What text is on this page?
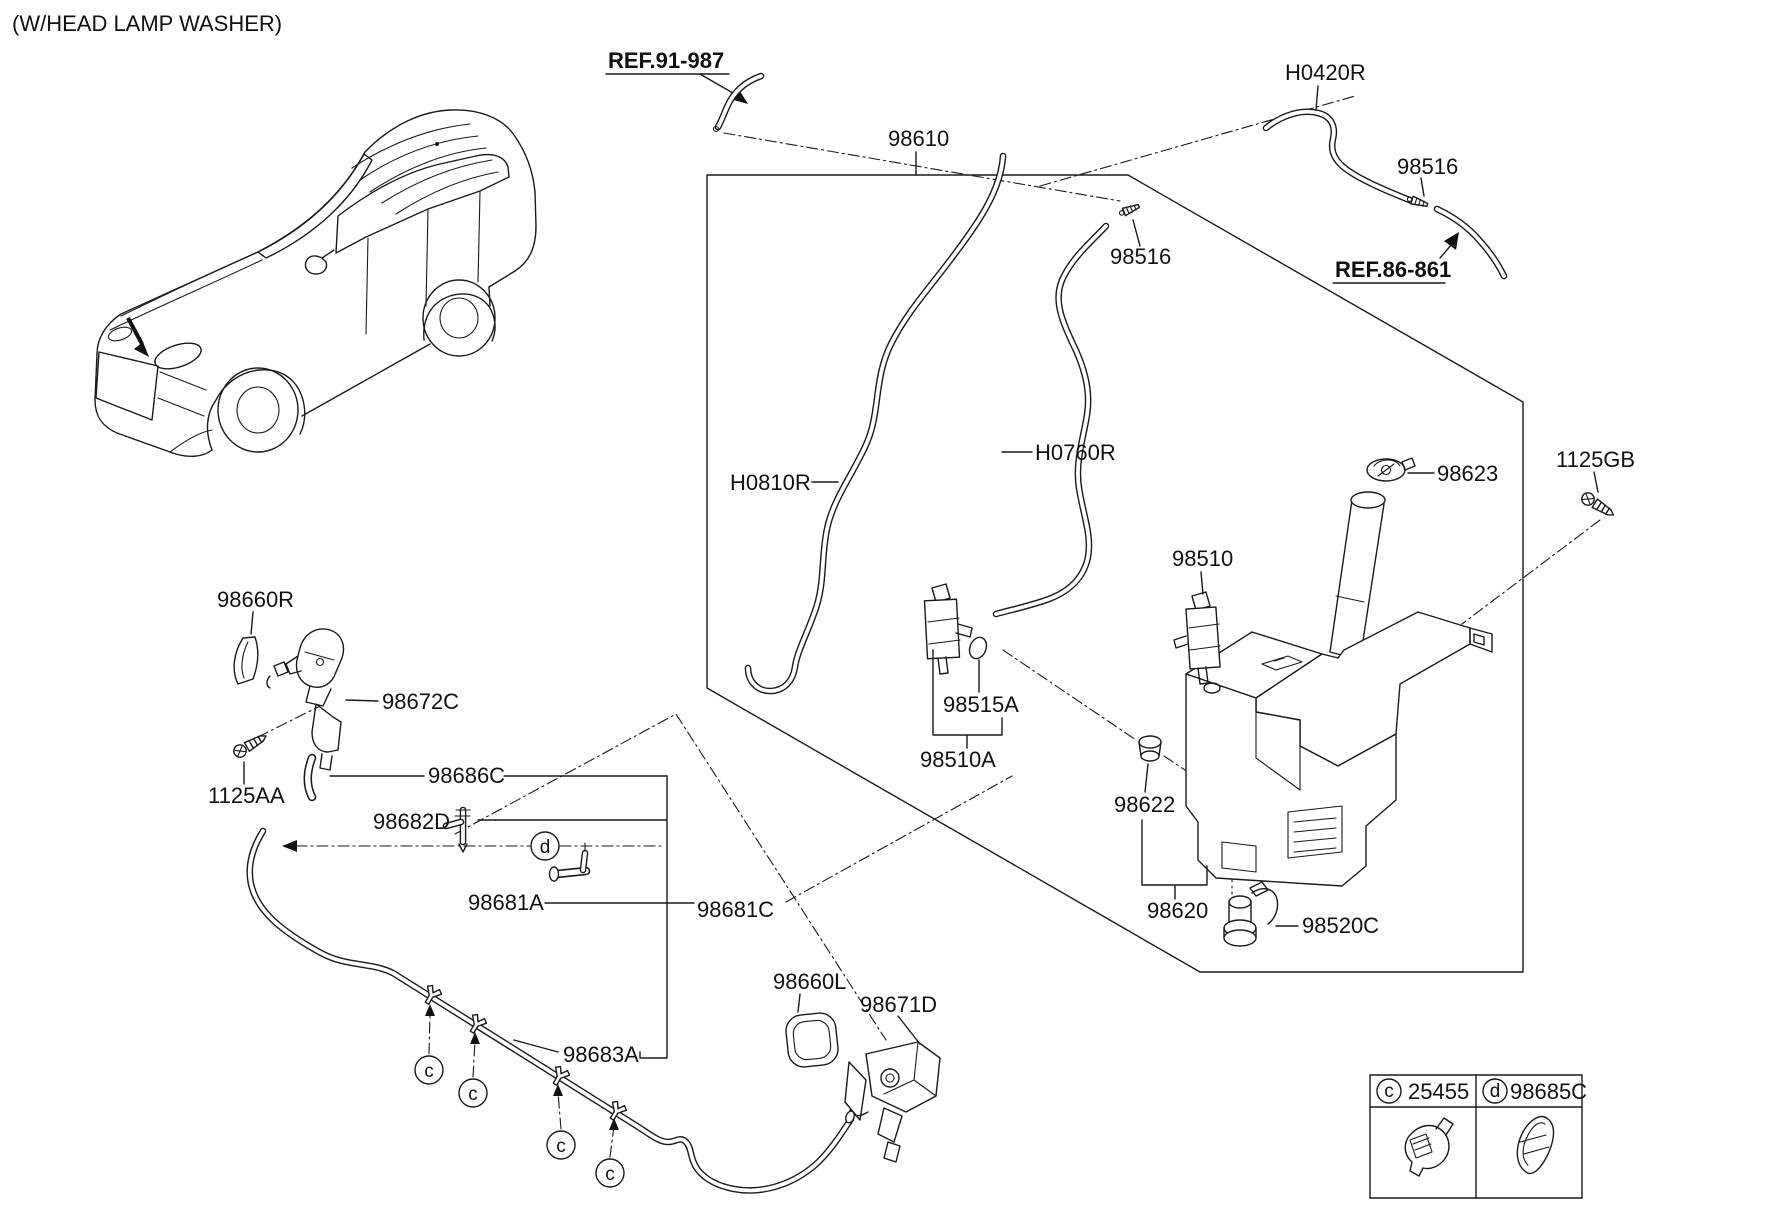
(W/HEAD LAMP WASHER)
REF.91-987
98610
H0420R
98516
REF.86-861
H0810R
H0760R
98516
98515A
98510A
98623
98510
98622
98620
98520C
1125GB
98660R
98672C
1125AA
98686C
98682D
d
98681A	98681C
98683A
c
c
c
c
98660L
98671D
c 25455 d 98685C
